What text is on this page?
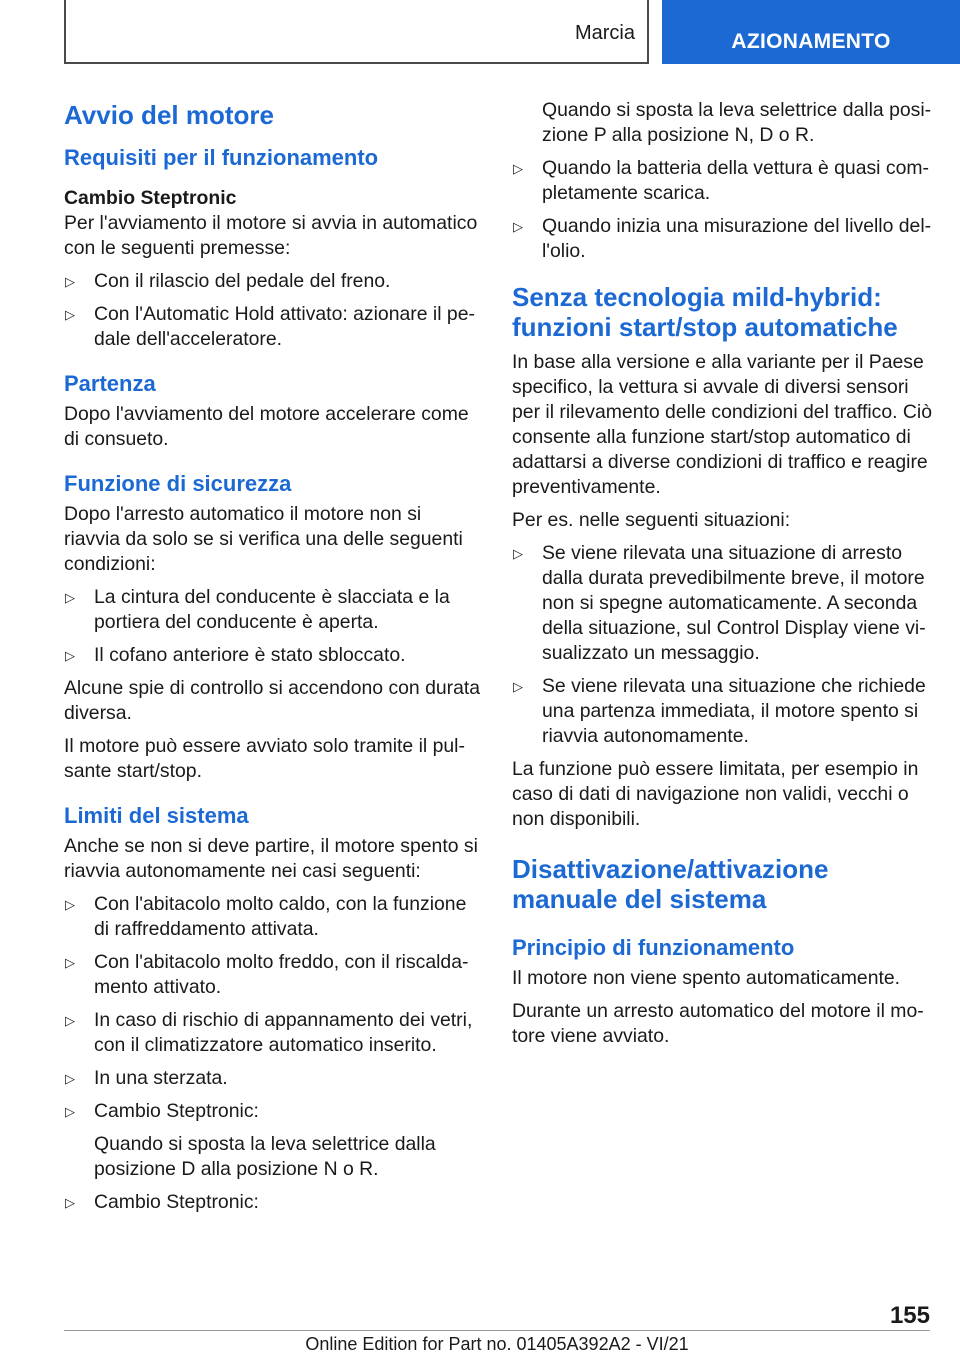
Marcia	AZIONAMENTO
Avvio del motore
Requisiti per il funzionamento
Cambio Steptronic

Per l'avviamento il motore si avvia in automatico con le seguenti premesse:

▷ Con il rilascio del pedale del freno.
▷ Con l'Automatic Hold attivato: azionare il pedale dell'acceleratore.
Partenza

Dopo l'avviamento del motore accelerare come di consueto.

Funzione di sicurezza

Dopo l'arresto automatico il motore non si riavvia da solo se si verifica una delle seguenti condizioni:

▷ La cintura del conducente è slacciata e la portiera del conducente è aperta.
▷ Il cofano anteriore è stato sbloccato.

Alcune spie di controllo si accendono con durata diversa.

Il motore può essere avviato solo tramite il pulsante start/stop.

Limiti del sistema

Anche se non si deve partire, il motore spento si riavvia autonomamente nei casi seguenti:

▷ Con l'abitacolo molto caldo, con la funzione di raffreddamento attivata.
▷ Con l'abitacolo molto freddo, con il riscaldamento attivato.
▷ In caso di rischio di appannamento dei vetri, con il climatizzatore automatico inserito.
▷ In una sterzata.
▷ Cambio Steptronic:

Quando si sposta la leva selettrice dalla posizione D alla posizione N o R.

▷ Cambio Steptronic:

Quando si sposta la leva selettrice dalla posizione P alla posizione N, D o R.

▷ Quando la batteria della vettura è quasi completamente scarica.
▷ Quando inizia una misurazione del livello dell'olio.
Senza tecnologia mild-hybrid: funzioni start/stop automatiche

In base alla versione e alla variante per il Paese specifico, la vettura si avvale di diversi sensori per il rilevamento delle condizioni del traffico. Ciò consente alla funzione start/stop automatico di adattarsi a diverse condizioni di traffico e reagire preventivamente.

Per es. nelle seguenti situazioni:

▷ Se viene rilevata una situazione di arresto dalla durata prevedibilmente breve, il motore non si spegne automaticamente. A seconda della situazione, sul Control Display viene visualizzato un messaggio.
▷ Se viene rilevata una situazione che richiede una partenza immediata, il motore spento si riavvia autonomamente.

La funzione può essere limitata, per esempio in caso di dati di navigazione non validi, vecchi o non disponibili.

Disattivazione/attivazione manuale del sistema
Principio di funzionamento

Il motore non viene spento automaticamente.

Durante un arresto automatico del motore il motore viene avviato.

155
Online Edition for Part no. 01405A392A2 - VI/21
